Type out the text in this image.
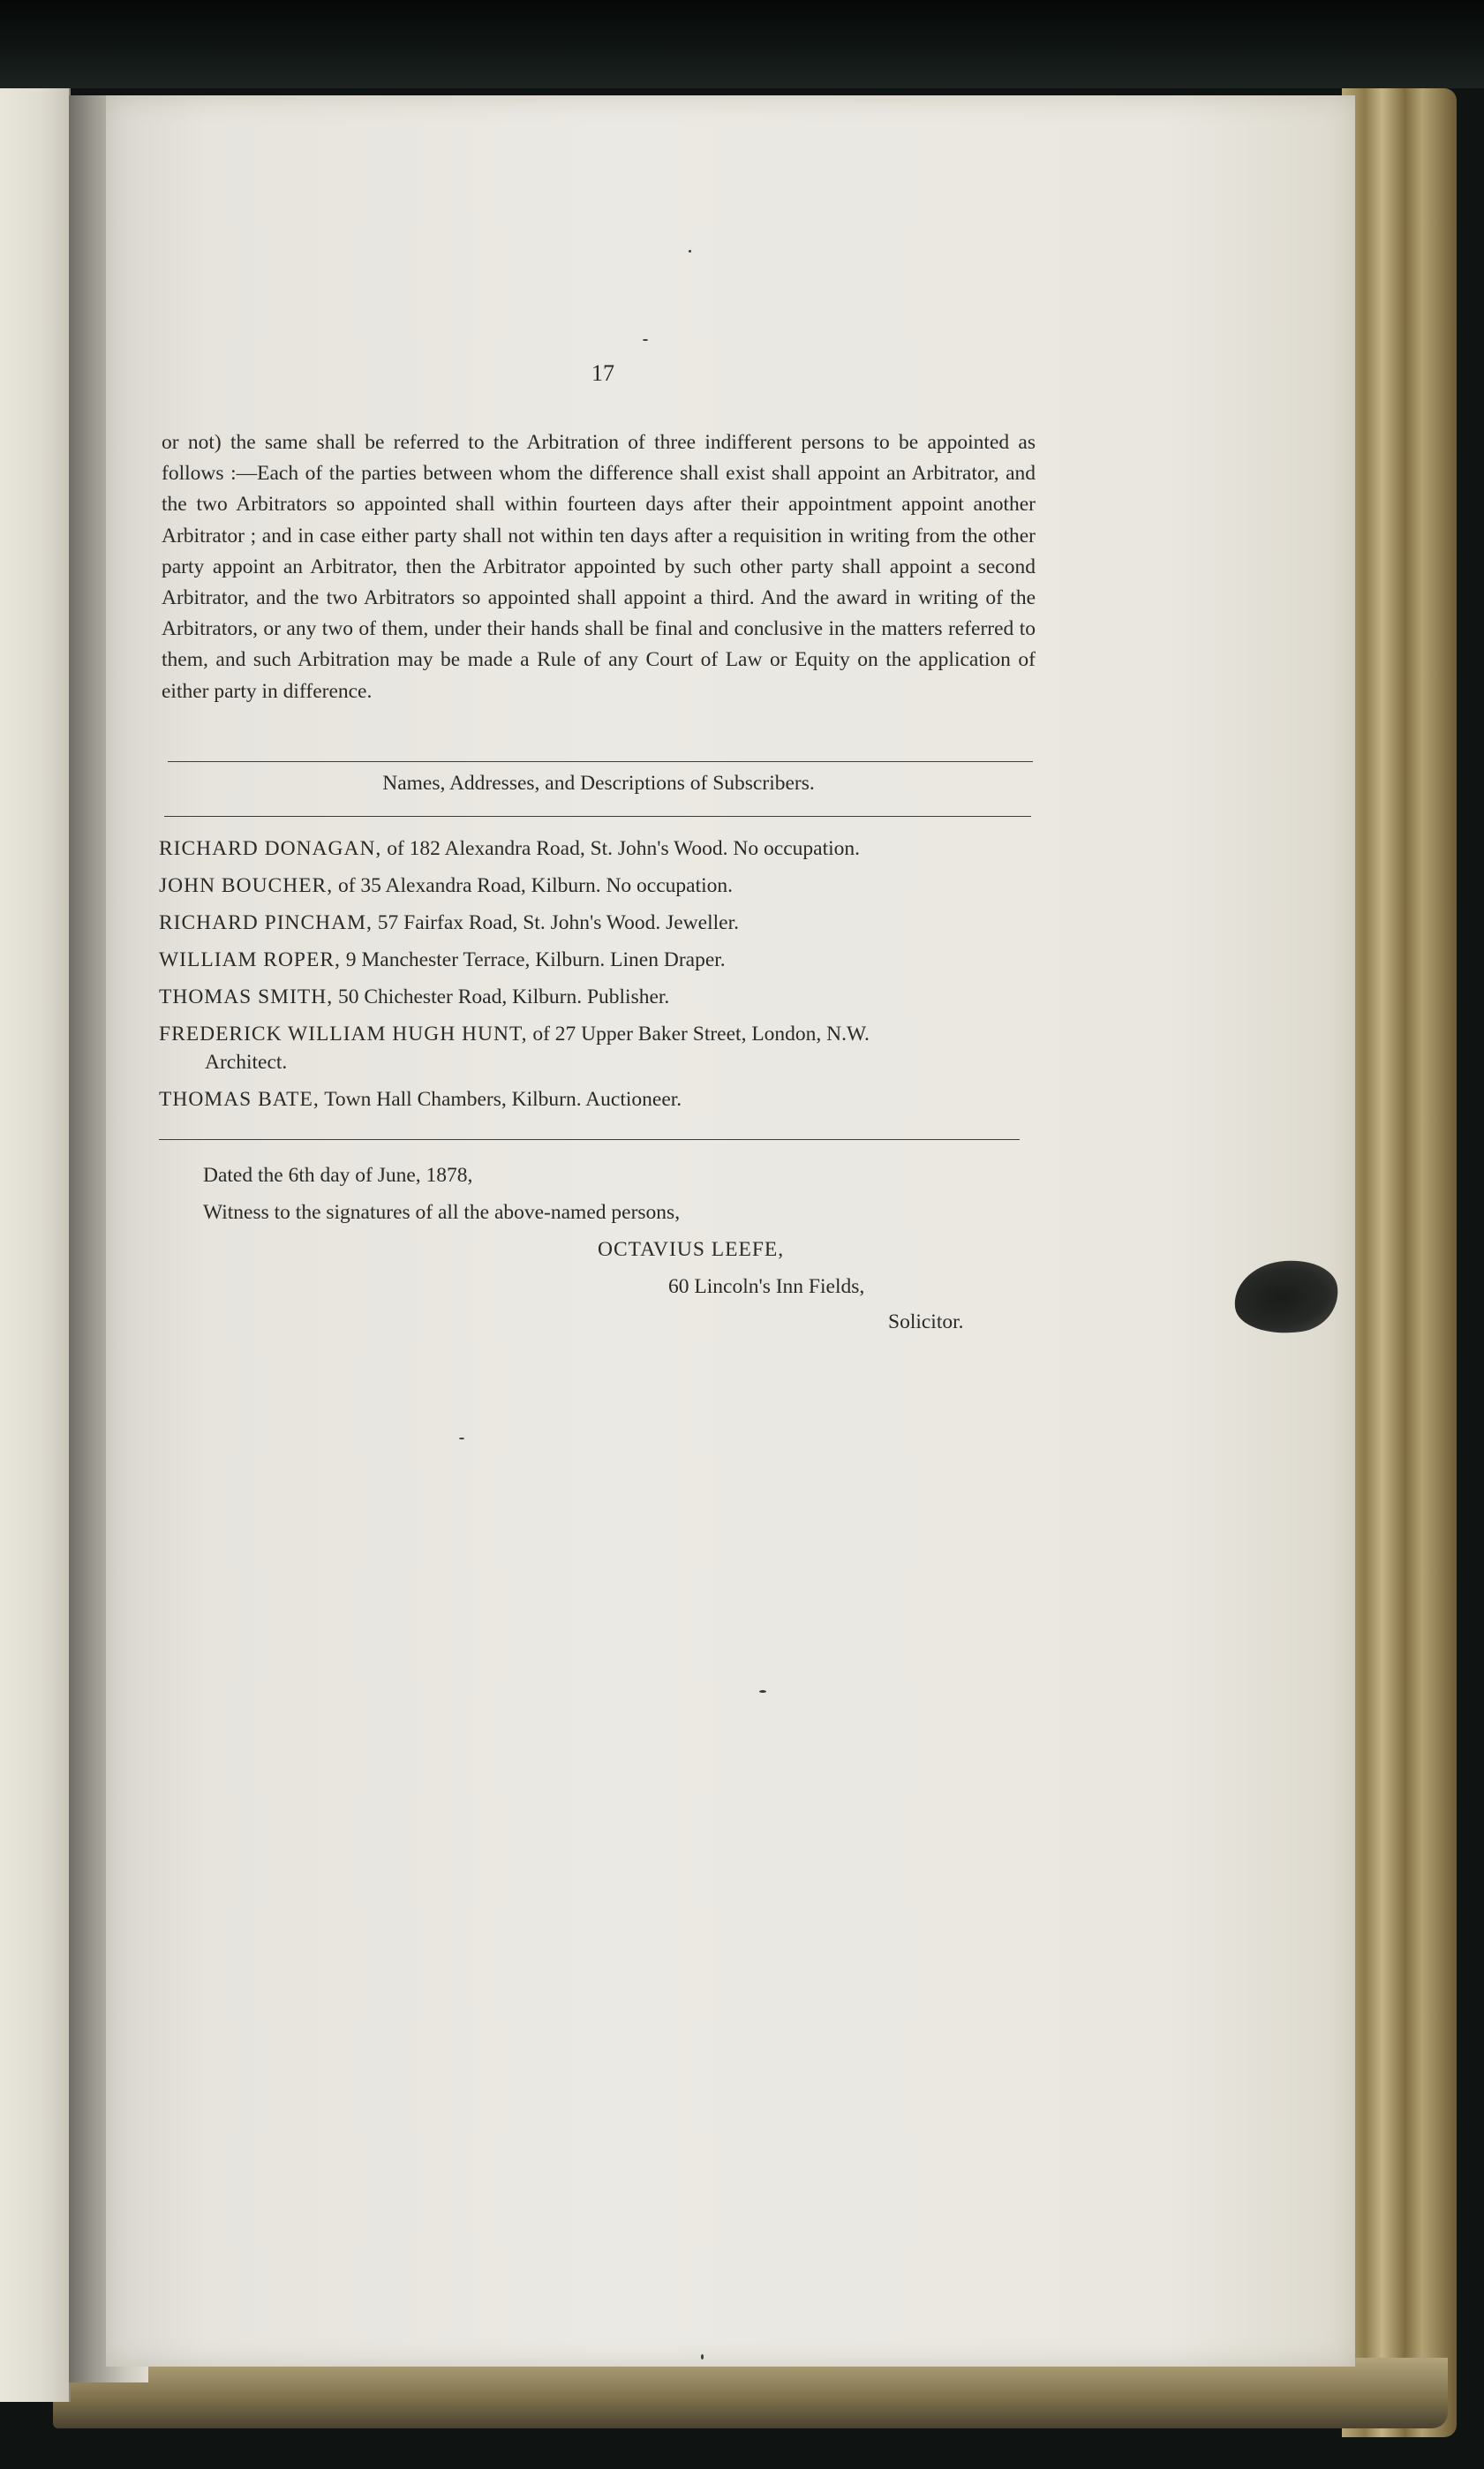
17
or not) the same shall be referred to the Arbitration of three indifferent persons to be appointed as follows :—Each of the parties between whom the difference shall exist shall appoint an Arbitrator, and the two Arbitrators so appointed shall within fourteen days after their appointment appoint another Arbitrator ; and in case either party shall not within ten days after a requisition in writing from the other party appoint an Arbitrator, then the Arbitrator appointed by such other party shall appoint a second Arbitrator, and the two Arbitrators so appointed shall appoint a third. And the award in writing of the Arbitrators, or any two of them, under their hands shall be final and conclusive in the matters referred to them, and such Arbitration may be made a Rule of any Court of Law or Equity on the application of either party in difference.
Names, Addresses, and Descriptions of Subscribers.
RICHARD DONAGAN, of 182 Alexandra Road, St. John's Wood. No occupation.
JOHN BOUCHER, of 35 Alexandra Road, Kilburn. No occupation.
RICHARD PINCHAM, 57 Fairfax Road, St. John's Wood. Jeweller.
WILLIAM ROPER, 9 Manchester Terrace, Kilburn. Linen Draper.
THOMAS SMITH, 50 Chichester Road, Kilburn. Publisher.
FREDERICK WILLIAM HUGH HUNT, of 27 Upper Baker Street, London, N.W.
Architect.
THOMAS BATE, Town Hall Chambers, Kilburn. Auctioneer.
Dated the 6th day of June, 1878,
Witness to the signatures of all the above-named persons,
OCTAVIUS LEEFE,
60 Lincoln's Inn Fields,
Solicitor.
